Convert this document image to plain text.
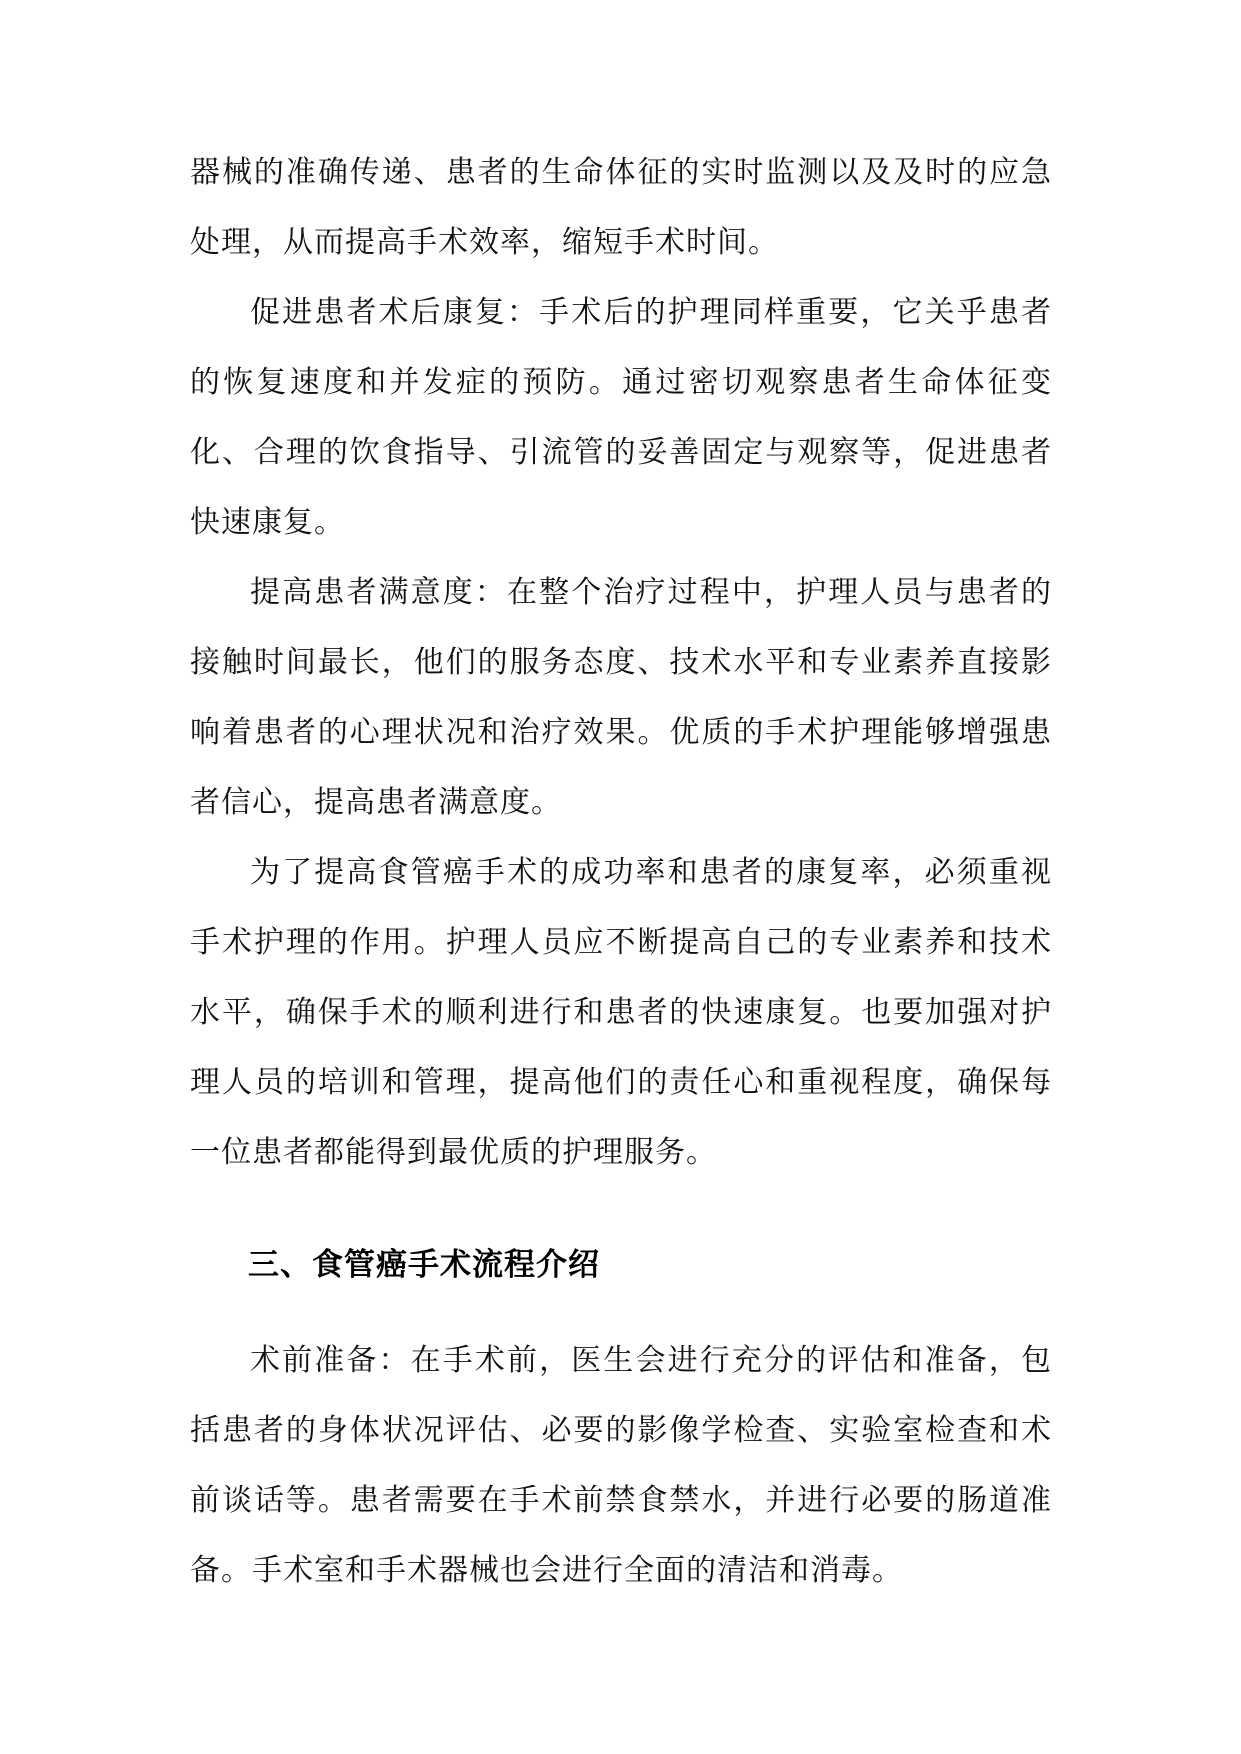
器械的准确传递、患者的生命体征的实时监测以及及时的应急处理，从而提高手术效率，缩短手术时间。

促进患者术后康复：手术后的护理同样重要，它关乎患者的恢复速度和并发症的预防。通过密切观察患者生命体征变化、合理的饮食指导、引流管的妥善固定与观察等，促进患者快速康复。

提高患者满意度：在整个治疗过程中，护理人员与患者的接触时间最长，他们的服务态度、技术水平和专业素养直接影响着患者的心理状况和治疗效果。优质的手术护理能够增强患者信心，提高患者满意度。

为了提高食管癌手术的成功率和患者的康复率，必须重视手术护理的作用。护理人员应不断提高自己的专业素养和技术水平，确保手术的顺利进行和患者的快速康复。也要加强对护理人员的培训和管理，提高他们的责任心和重视程度，确保每一位患者都能得到最优质的护理服务。

三、食管癌手术流程介绍

术前准备：在手术前，医生会进行充分的评估和准备，包括患者的身体状况评估、必要的影像学检查、实验室检查和术前谈话等。患者需要在手术前禁食禁水，并进行必要的肠道准备。手术室和手术器械也会进行全面的清洁和消毒。
